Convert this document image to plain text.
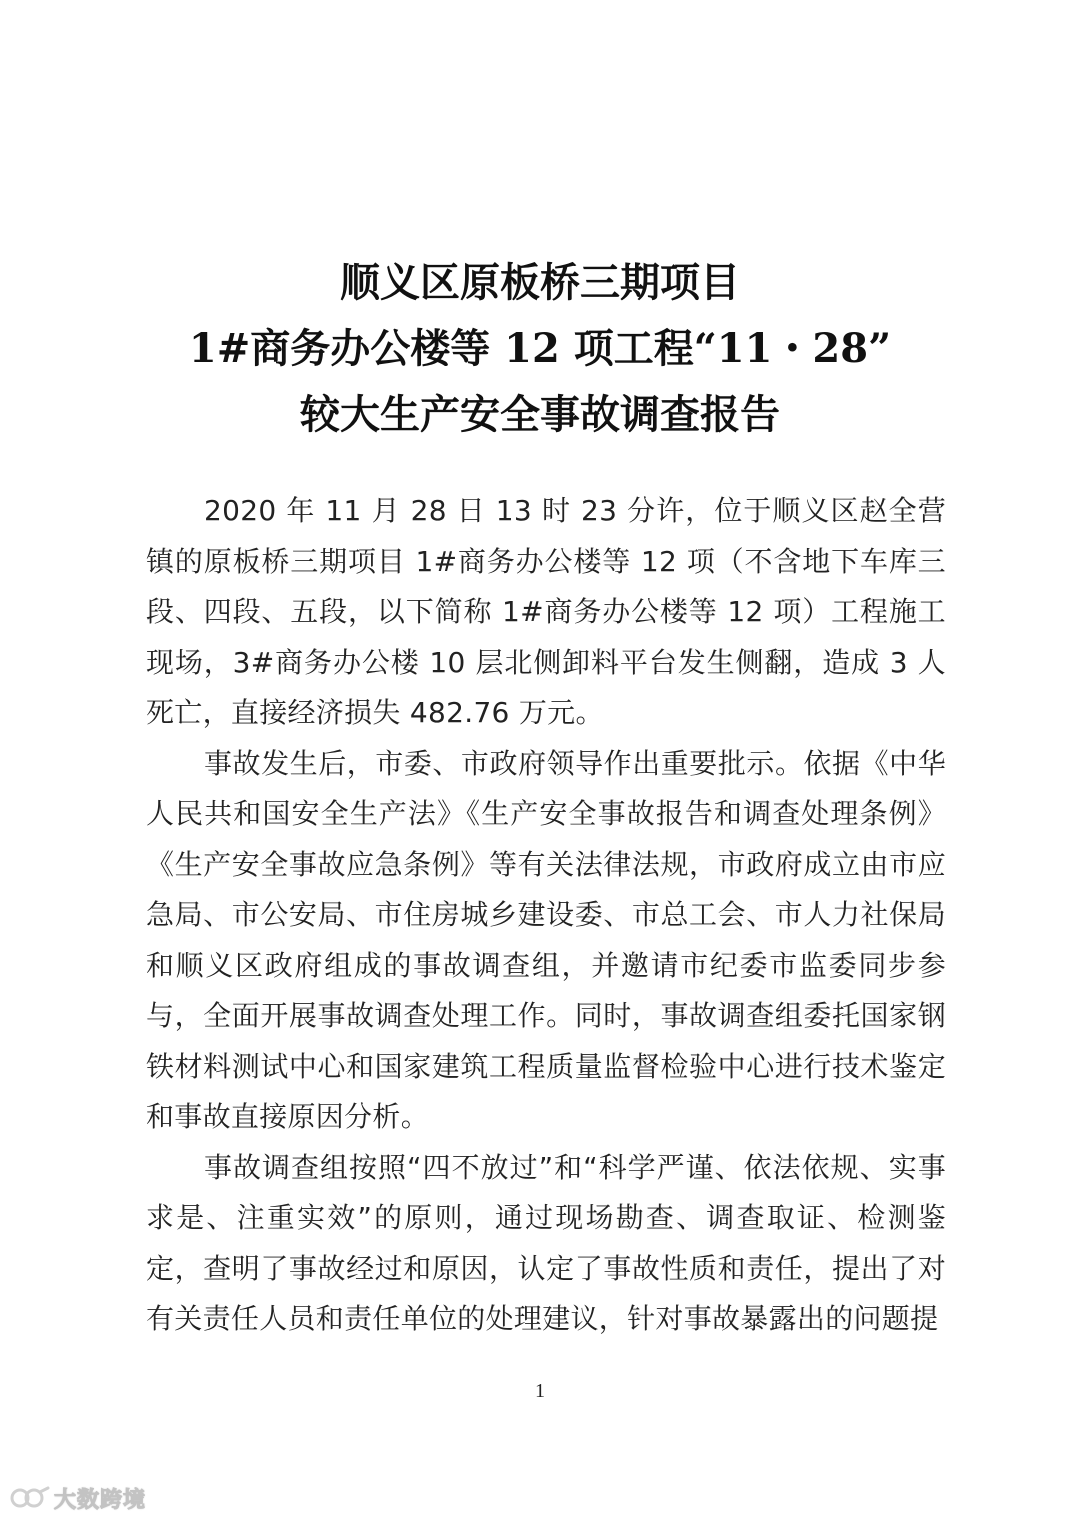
顺义区原板桥三期项目
1#商务办公楼等 12 项工程“11・28”
较大生产安全事故调查报告

2020 年 11 月 28 日 13 时 23 分许，位于顺义区赵全营镇的原板桥三期项目 1#商务办公楼等 12 项（不含地下车库三段、四段、五段，以下简称 1#商务办公楼等 12 项）工程施工现场，3#商务办公楼 10 层北侧卸料平台发生侧翻，造成 3 人死亡，直接经济损失 482.76 万元。

事故发生后，市委、市政府领导作出重要批示。依据《中华人民共和国安全生产法》《生产安全事故报告和调查处理条例》《生产安全事故应急条例》等有关法律法规，市政府成立由市应急局、市公安局、市住房城乡建设委、市总工会、市人力社保局和顺义区政府组成的事故调查组，并邀请市纪委市监委同步参与，全面开展事故调查处理工作。同时，事故调查组委托国家钢铁材料测试中心和国家建筑工程质量监督检验中心进行技术鉴定和事故直接原因分析。

事故调查组按照“四不放过”和“科学严谨、依法依规、实事求是、注重实效”的原则，通过现场勘查、调查取证、检测鉴定，查明了事故经过和原因，认定了事故性质和责任，提出了对有关责任人员和责任单位的处理建议，针对事故暴露出的问题提

1
大数跨境
